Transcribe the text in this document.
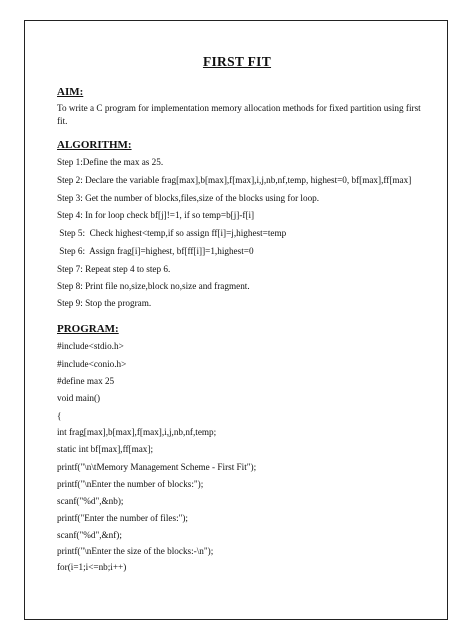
FIRST FIT
AIM:
To write a C program for implementation memory allocation methods for fixed partition using first fit.
ALGORITHM:
Step 1:Define the max as 25.
Step 2: Declare the variable frag[max],b[max],f[max],i,j,nb,nf,temp, highest=0, bf[max],ff[max]
Step 3: Get the number of blocks,files,size of the blocks using for loop.
Step 4: In for loop check bf[j]!=1, if so temp=b[j]-f[i]
Step 5:  Check highest<temp,if so assign ff[i]=j,highest=temp
Step 6:  Assign frag[i]=highest, bf[ff[i]]=1,highest=0
Step 7: Repeat step 4 to step 6.
Step 8: Print file no,size,block no,size and fragment.
Step 9: Stop the program.
PROGRAM:
#include<stdio.h>
#include<conio.h>
#define max 25
void main()
{
int frag[max],b[max],f[max],i,j,nb,nf,temp;
static int bf[max],ff[max];
printf("\n\tMemory Management Scheme - First Fit");
printf("\nEnter the number of blocks:");
scanf("%d",&nb);
printf("Enter the number of files:");
scanf("%d",&nf);
printf("\nEnter the size of the blocks:-\n");
for(i=1;i<=nb;i++)
